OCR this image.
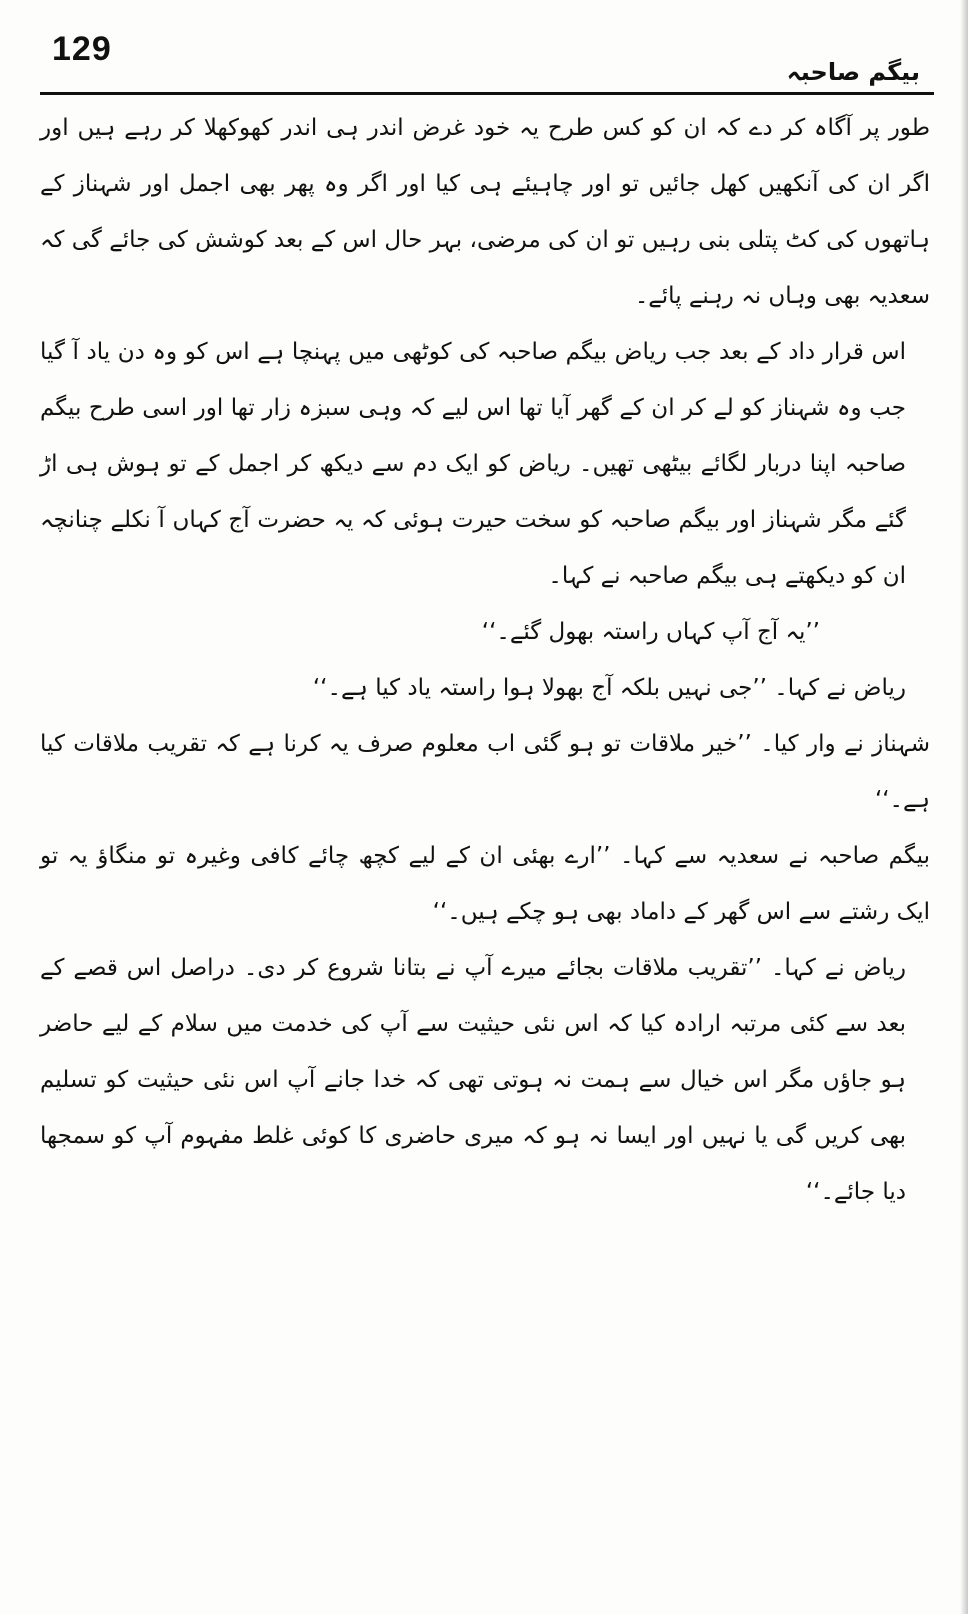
129
بیگم صاحبہ

طور پر آگاہ کر دے کہ ان کو کس طرح یہ خود غرض اندر ہی اندر کھوکھلا کر رہے ہیں اور اگر ان کی آنکھیں کھل جائیں تو اور چاہیئے ہی کیا اور اگر وہ پھر بھی اجمل اور شہناز کے ہاتھوں کی کٹ پتلی بنی رہیں تو ان کی مرضی، بہر حال اس کے بعد کوشش کی جائے گی کہ سعدیہ بھی وہاں نہ رہنے پائے۔

اس قرار داد کے بعد جب ریاض بیگم صاحبہ کی کوٹھی میں پہنچا ہے اس کو وہ دن یاد آ گیا جب وہ شہناز کو لے کر ان کے گھر آیا تھا اس لیے کہ وہی سبزہ زار تھا اور اسی طرح بیگم صاحبہ اپنا دربار لگائے بیٹھی تھیں۔ ریاض کو ایک دم سے دیکھ کر اجمل کے تو ہوش ہی اڑ گئے مگر شہناز اور بیگم صاحبہ کو سخت حیرت ہوئی کہ یہ حضرت آج کہاں آ نکلے چنانچہ ان کو دیکھتے ہی بیگم صاحبہ نے کہا۔

’’یہ آج آپ کہاں راستہ بھول گئے۔‘‘

ریاض نے کہا۔ ’’جی نہیں بلکہ آج بھولا ہوا راستہ یاد کیا ہے۔‘‘

شہناز نے وار کیا۔ ’’خیر ملاقات تو ہو گئی اب معلوم صرف یہ کرنا ہے کہ تقریب ملاقات کیا ہے۔‘‘

بیگم صاحبہ نے سعدیہ سے کہا۔ ’’ارے بھئی ان کے لیے کچھ چائے کافی وغیرہ تو منگاؤ یہ تو ایک رشتے سے اس گھر کے داماد بھی ہو چکے ہیں۔‘‘

ریاض نے کہا۔ ’’تقریب ملاقات بجائے میرے آپ نے بتانا شروع کر دی۔ دراصل اس قصے کے بعد سے کئی مرتبہ ارادہ کیا کہ اس نئی حیثیت سے آپ کی خدمت میں سلام کے لیے حاضر ہو جاؤں مگر اس خیال سے ہمت نہ ہوتی تھی کہ خدا جانے آپ اس نئی حیثیت کو تسلیم بھی کریں گی یا نہیں اور ایسا نہ ہو کہ میری حاضری کا کوئی غلط مفہوم آپ کو سمجھا دیا جائے۔‘‘
